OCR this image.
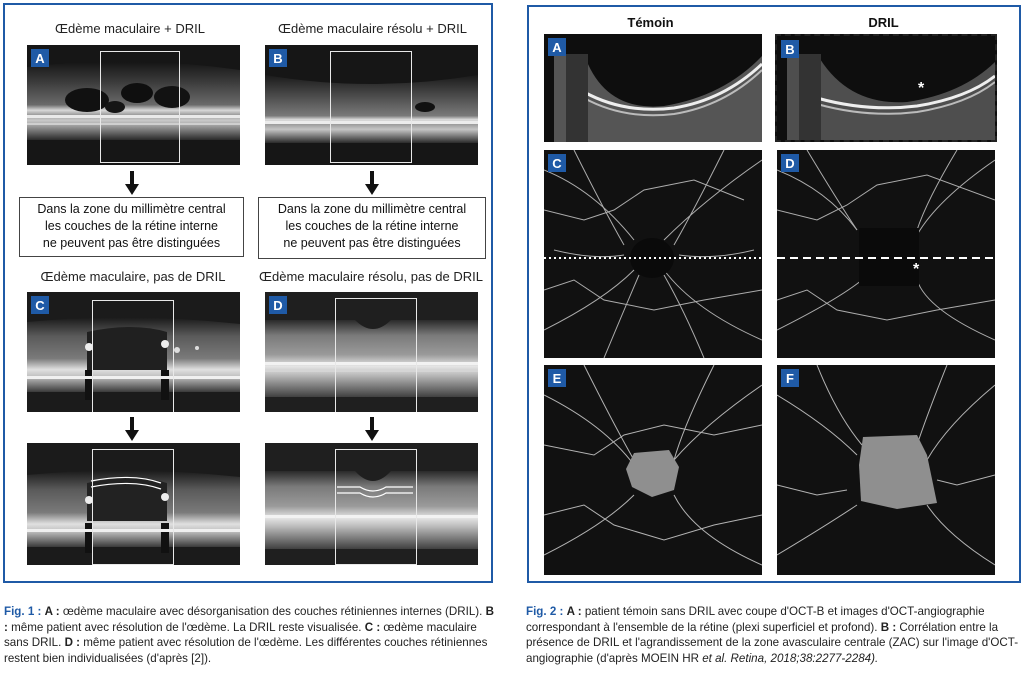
Œdème maculaire + DRIL	Œdème maculaire résolu + DRIL
A	B
Dans la zone du millimètre central
les couches de la rétine interne
ne peuvent pas être distinguées
Dans la zone du millimètre central
les couches de la rétine interne
ne peuvent pas être distinguées
Œdème maculaire, pas de DRIL	Œdème maculaire résolu, pas de DRIL
C	D
Témoin	DRIL
A	B
*
C	D
*
E	F
Fig. 1 : A : œdème maculaire avec désorganisation des couches rétiniennes internes (DRIL). B : même patient avec résolution de l'œdème. La DRIL reste visualisée. C : œdème maculaire sans DRIL. D : même patient avec résolution de l'œdème. Les différentes couches rétiniennes restent bien individualisées (d'après [2]).
Fig. 2 : A : patient témoin sans DRIL avec coupe d'OCT-B et images d'OCT-angiographie correspondant à l'ensemble de la rétine (plexi superficiel et profond). B : Corrélation entre la présence de DRIL et l'agrandissement de la zone avasculaire centrale (ZAC) sur l'image d'OCT-angiographie (d'après MOEIN HR et al. Retina, 2018;38:2277-2284).
